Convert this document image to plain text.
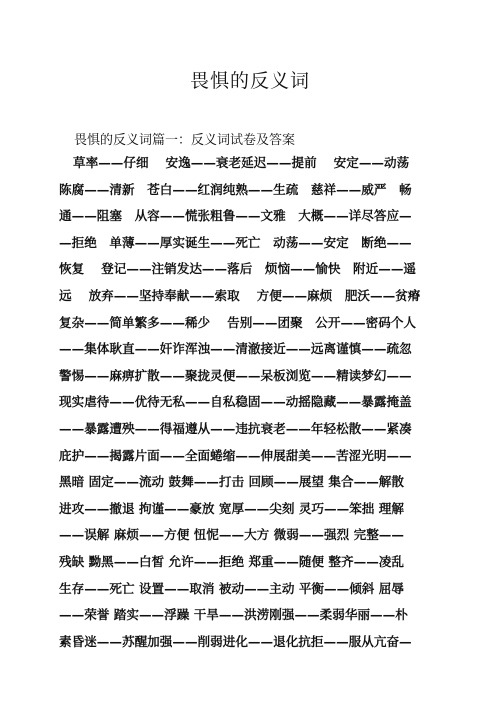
畏惧的反义词
畏惧的反义词篇一：反义词试卷及答案
草率——仔细　 安逸——衰老延迟——提前　 安定——动荡
陈腐——清新　苍白——红润纯熟——生疏　慈祥——威严　畅
通——阻塞　从容——慌张粗鲁——文雅　大概——详尽答应—
—拒绝　单薄——厚实诞生——死亡　动荡——安定　断绝——
恢复　 登记——注销发达——落后　烦恼——愉快　附近——遥
远　 放弃——坚持奉献——索取　 方便——麻烦　肥沃——贫瘠
复杂——简单繁多——稀少　 告别——团聚　公开——密码个人
——集体耿直——奸诈浑浊——清澈接近——远离谨慎——疏忽
警惕——麻痹扩散——聚拢灵便——呆板浏览——精读梦幻——
现实虐待——优待无私——自私稳固——动摇隐藏——暴露掩盖
——暴露遭殃——得福遵从——违抗衰老——年轻松散——紧凑
庇护——揭露片面——全面蜷缩——伸展甜美——苦涩光明——
黑暗 固定——流动 鼓舞——打击 回顾——展望 集合——解散
进攻——撤退 拘谨——豪放 宽厚——尖刻 灵巧——笨拙 理解
——误解 麻烦——方便 忸怩——大方 微弱——强烈 完整——
残缺 黝黑——白皙 允许——拒绝 郑重——随便 整齐——凌乱
生存——死亡 设置——取消 被动——主动 平衡——倾斜 屈辱
——荣誉 踏实——浮躁 干旱——洪涝刚强——柔弱华丽——朴
素昏迷——苏醒加强——削弱进化——退化抗拒——服从亢奋—
